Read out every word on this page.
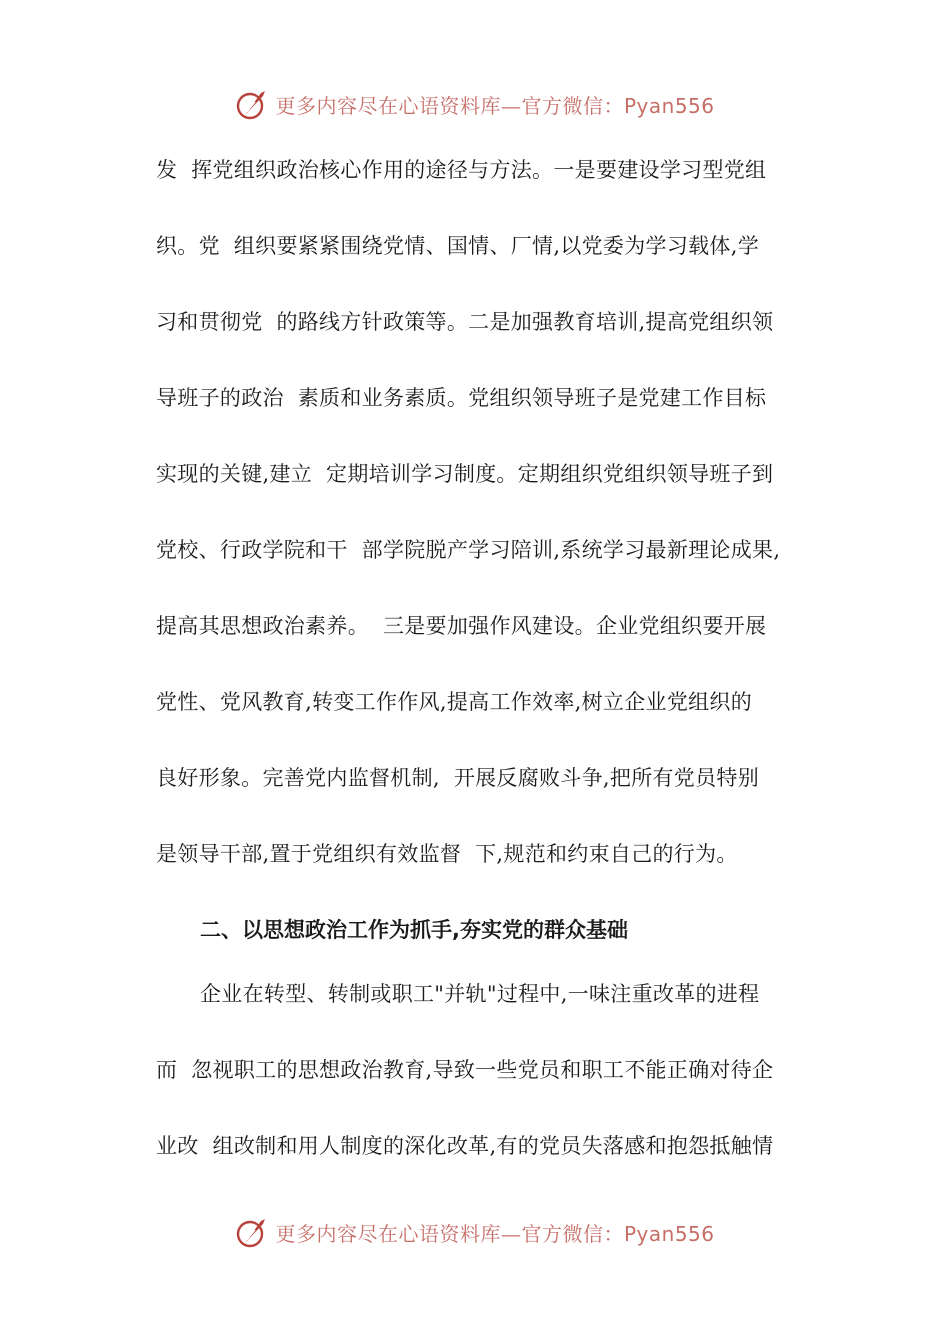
更多内容尽在心语资料库—官方微信：Pyan556
发  挥党组织政治核心作用的途径与方法。一是要建设学习型党组
织。党  组织要紧紧围绕党情、国情、厂情,以党委为学习载体,学
习和贯彻党  的路线方针政策等。二是加强教育培训,提高党组织领
导班子的政治  素质和业务素质。党组织领导班子是党建工作目标
实现的关键,建立  定期培训学习制度。定期组织党组织领导班子到
党校、行政学院和干  部学院脱产学习陪训,系统学习最新理论成果,
提高其思想政治素养。  三是要加强作风建设。企业党组织要开展
党性、党风教育,转变工作作风,提高工作效率,树立企业党组织的
良好形象。完善党内监督机制,  开展反腐败斗争,把所有党员特别
是领导干部,置于党组织有效监督  下,规范和约束自己的行为。
二、以思想政治工作为抓手,夯实党的群众基础
企业在转型、转制或职工"并轨"过程中,一味注重改革的进程
而  忽视职工的思想政治教育,导致一些党员和职工不能正确对待企
业改  组改制和用人制度的深化改革,有的党员失落感和抱怨抵触情
更多内容尽在心语资料库—官方微信：Pyan556
